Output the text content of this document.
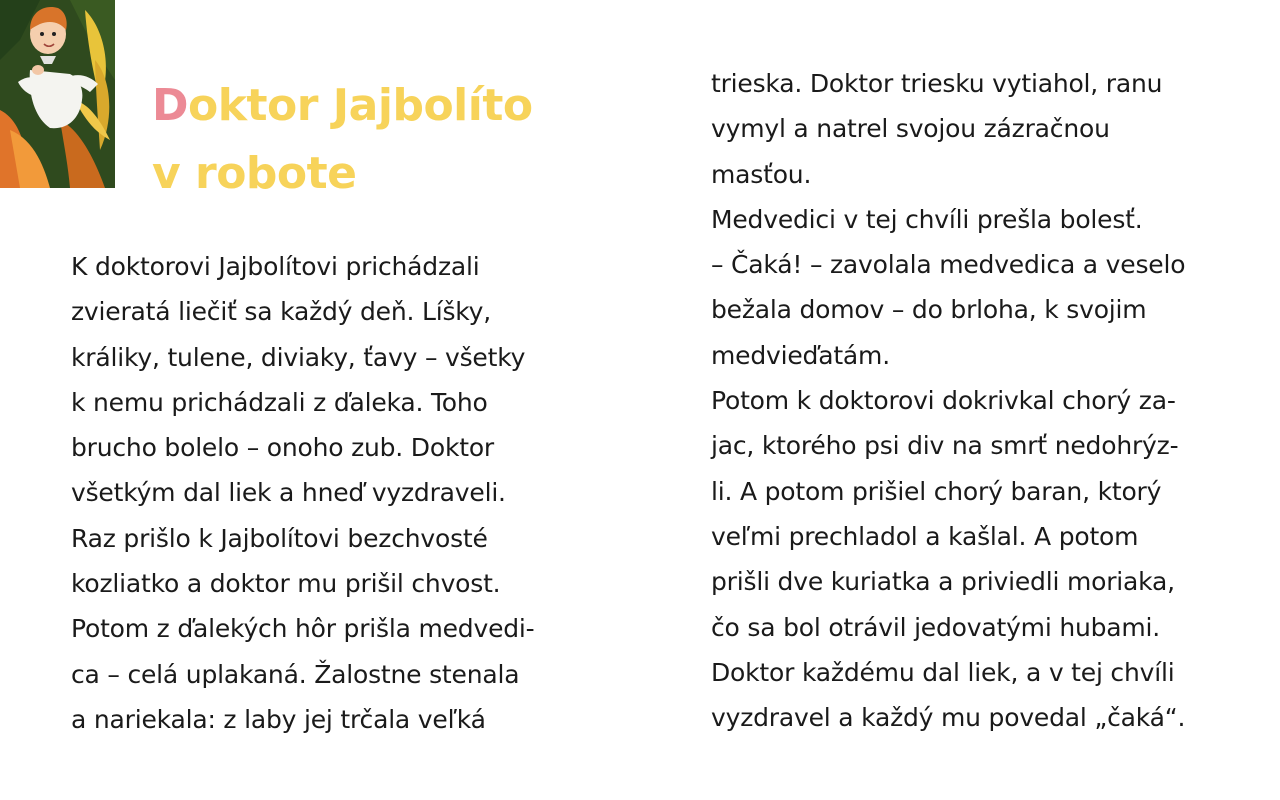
Doktor Jajbolíto
v robote
K doktorovi Jajbolítovi prichádzali
zvieratá liečiť sa každý deň. Líšky,
králiky, tulene, diviaky, ťavy – všetky
k nemu prichádzali z ďaleka. Toho
brucho bolelo – onoho zub. Doktor
všetkým dal liek a hneď vyzdraveli.
Raz prišlo k Jajbolítovi bezchvosté
kozliatko a doktor mu prišil chvost.
Potom z ďalekých hôr prišla medvedi-
ca – celá uplakaná. Žalostne stenala
a nariekala: z laby jej trčala veľká
trieska. Doktor triesku vytiahol, ranu
vymyl a natrel svojou zázračnou
masťou.
Medvedici v tej chvíli prešla bolesť.
– Čaká! – zavolala medvedica a veselo
bežala domov – do brloha, k svojim
medvieďatám.
Potom k doktorovi dokrivkal chorý za-
jac, ktorého psi div na smrť nedohrýz-
li. A potom prišiel chorý baran, ktorý
veľmi prechladol a kašlal. A potom
prišli dve kuriatka a priviedli moriaka,
čo sa bol otrávil jedovatými hubami.
Doktor každému dal liek, a v tej chvíli
vyzdravel a každý mu povedal „čaká“.
